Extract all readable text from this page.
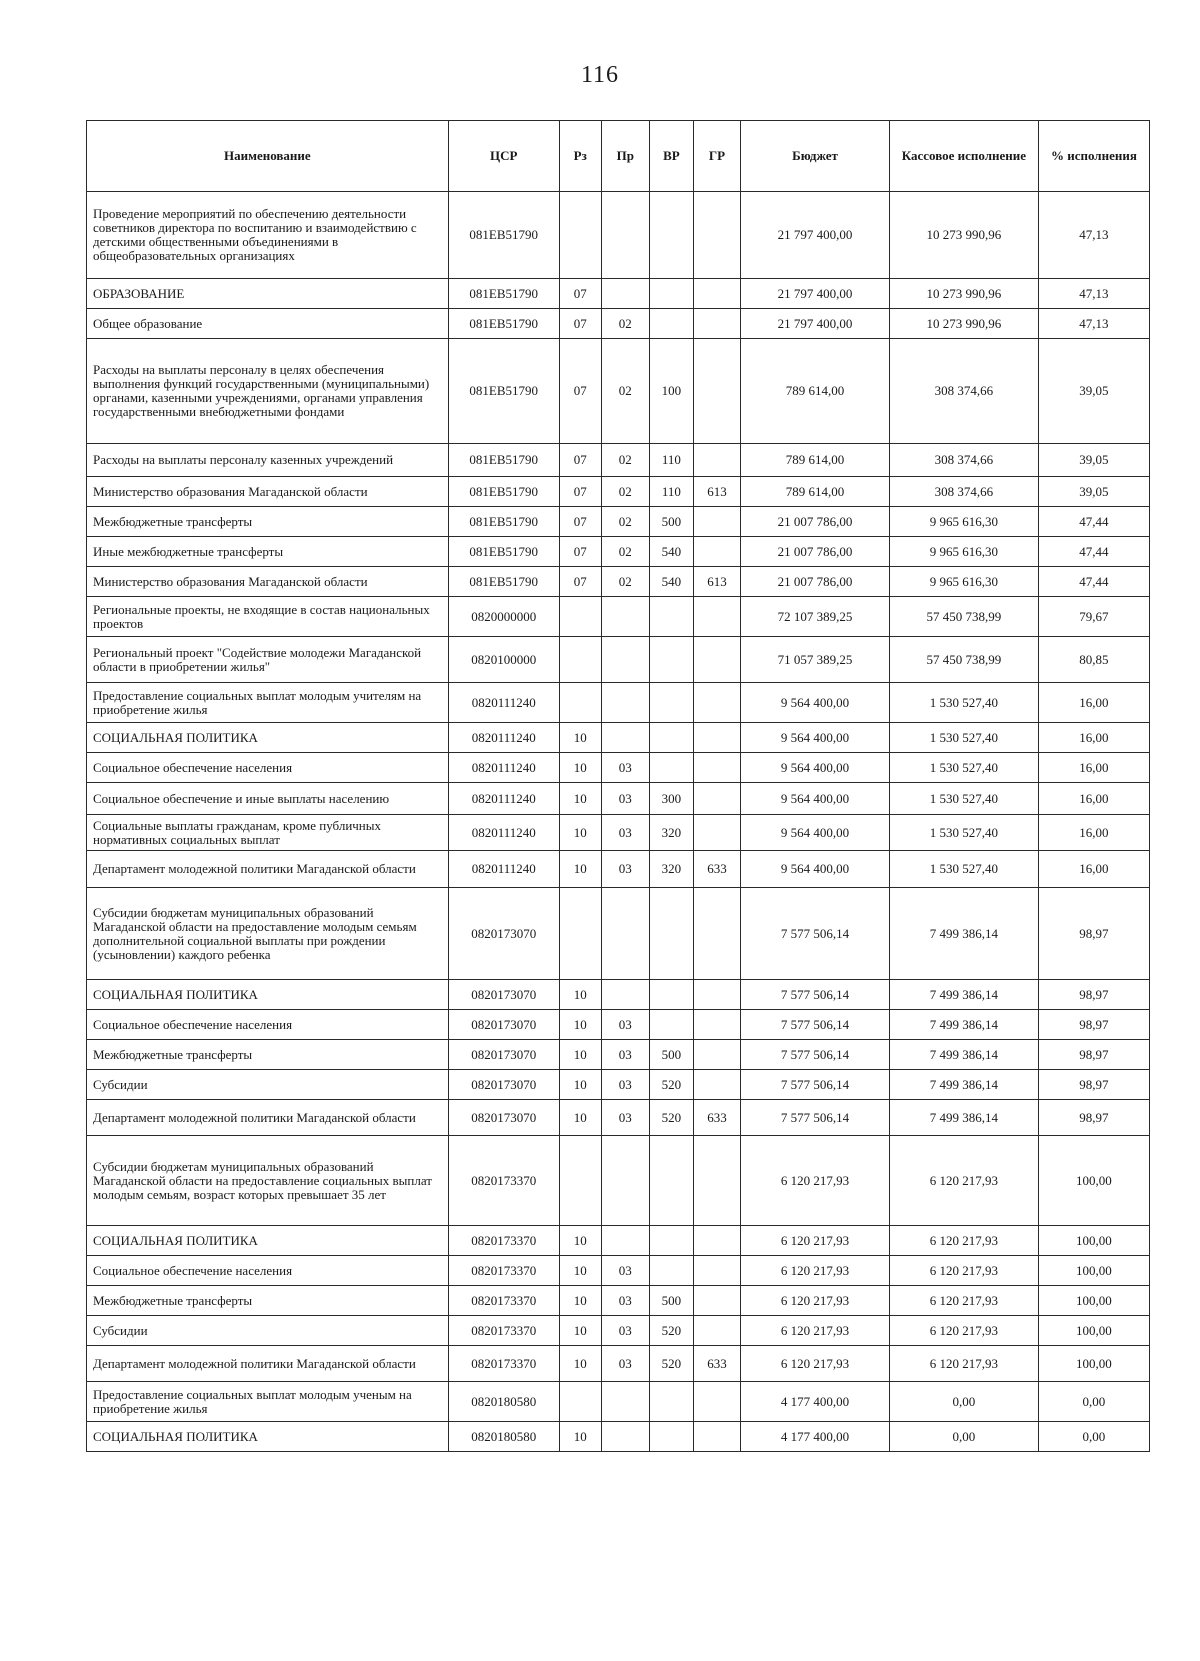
116
Наименование	ЦСР	Рз	Пр	ВР	ГР	Бюджет	Кассовое исполнение	% исполнения
Проведение мероприятий по обеспечению деятельности советников директора по воспитанию и взаимодействию с детскими общественными объединениями в общеобразовательных организациях	081EB51790					21 797 400,00	10 273 990,96	47,13
ОБРАЗОВАНИЕ	081EB51790	07				21 797 400,00	10 273 990,96	47,13
Общее образование	081EB51790	07	02			21 797 400,00	10 273 990,96	47,13
Расходы на выплаты персоналу в целях обеспечения выполнения функций государственными (муниципальными) органами, казенными учреждениями, органами управления государственными внебюджетными фондами	081EB51790	07	02	100		789 614,00	308 374,66	39,05
Расходы на выплаты персоналу казенных учреждений	081EB51790	07	02	110		789 614,00	308 374,66	39,05
Министерство образования Магаданской области	081EB51790	07	02	110	613	789 614,00	308 374,66	39,05
Межбюджетные трансферты	081EB51790	07	02	500		21 007 786,00	9 965 616,30	47,44
Иные межбюджетные трансферты	081EB51790	07	02	540		21 007 786,00	9 965 616,30	47,44
Министерство образования Магаданской области	081EB51790	07	02	540	613	21 007 786,00	9 965 616,30	47,44
Региональные проекты, не входящие в состав национальных проектов	0820000000					72 107 389,25	57 450 738,99	79,67
Региональный проект "Содействие молодежи Магаданской области в приобретении жилья"	0820100000					71 057 389,25	57 450 738,99	80,85
Предоставление социальных выплат молодым учителям на приобретение жилья	0820111240					9 564 400,00	1 530 527,40	16,00
СОЦИАЛЬНАЯ ПОЛИТИКА	0820111240	10				9 564 400,00	1 530 527,40	16,00
Социальное обеспечение населения	0820111240	10	03			9 564 400,00	1 530 527,40	16,00
Социальное обеспечение и иные выплаты населению	0820111240	10	03	300		9 564 400,00	1 530 527,40	16,00
Социальные выплаты гражданам, кроме публичных нормативных социальных выплат	0820111240	10	03	320		9 564 400,00	1 530 527,40	16,00
Департамент молодежной политики Магаданской области	0820111240	10	03	320	633	9 564 400,00	1 530 527,40	16,00
Субсидии бюджетам муниципальных образований Магаданской области на предоставление молодым семьям дополнительной социальной выплаты при рождении (усыновлении) каждого ребенка	0820173070					7 577 506,14	7 499 386,14	98,97
СОЦИАЛЬНАЯ ПОЛИТИКА	0820173070	10				7 577 506,14	7 499 386,14	98,97
Социальное обеспечение населения	0820173070	10	03			7 577 506,14	7 499 386,14	98,97
Межбюджетные трансферты	0820173070	10	03	500		7 577 506,14	7 499 386,14	98,97
Субсидии	0820173070	10	03	520		7 577 506,14	7 499 386,14	98,97
Департамент молодежной политики Магаданской области	0820173070	10	03	520	633	7 577 506,14	7 499 386,14	98,97
Субсидии бюджетам муниципальных образований Магаданской области на предоставление социальных выплат молодым семьям, возраст которых превышает 35 лет	0820173370					6 120 217,93	6 120 217,93	100,00
СОЦИАЛЬНАЯ ПОЛИТИКА	0820173370	10				6 120 217,93	6 120 217,93	100,00
Социальное обеспечение населения	0820173370	10	03			6 120 217,93	6 120 217,93	100,00
Межбюджетные трансферты	0820173370	10	03	500		6 120 217,93	6 120 217,93	100,00
Субсидии	0820173370	10	03	520		6 120 217,93	6 120 217,93	100,00
Департамент молодежной политики Магаданской области	0820173370	10	03	520	633	6 120 217,93	6 120 217,93	100,00
Предоставление социальных выплат молодым ученым на приобретение жилья	0820180580					4 177 400,00	0,00	0,00
СОЦИАЛЬНАЯ ПОЛИТИКА	0820180580	10				4 177 400,00	0,00	0,00
